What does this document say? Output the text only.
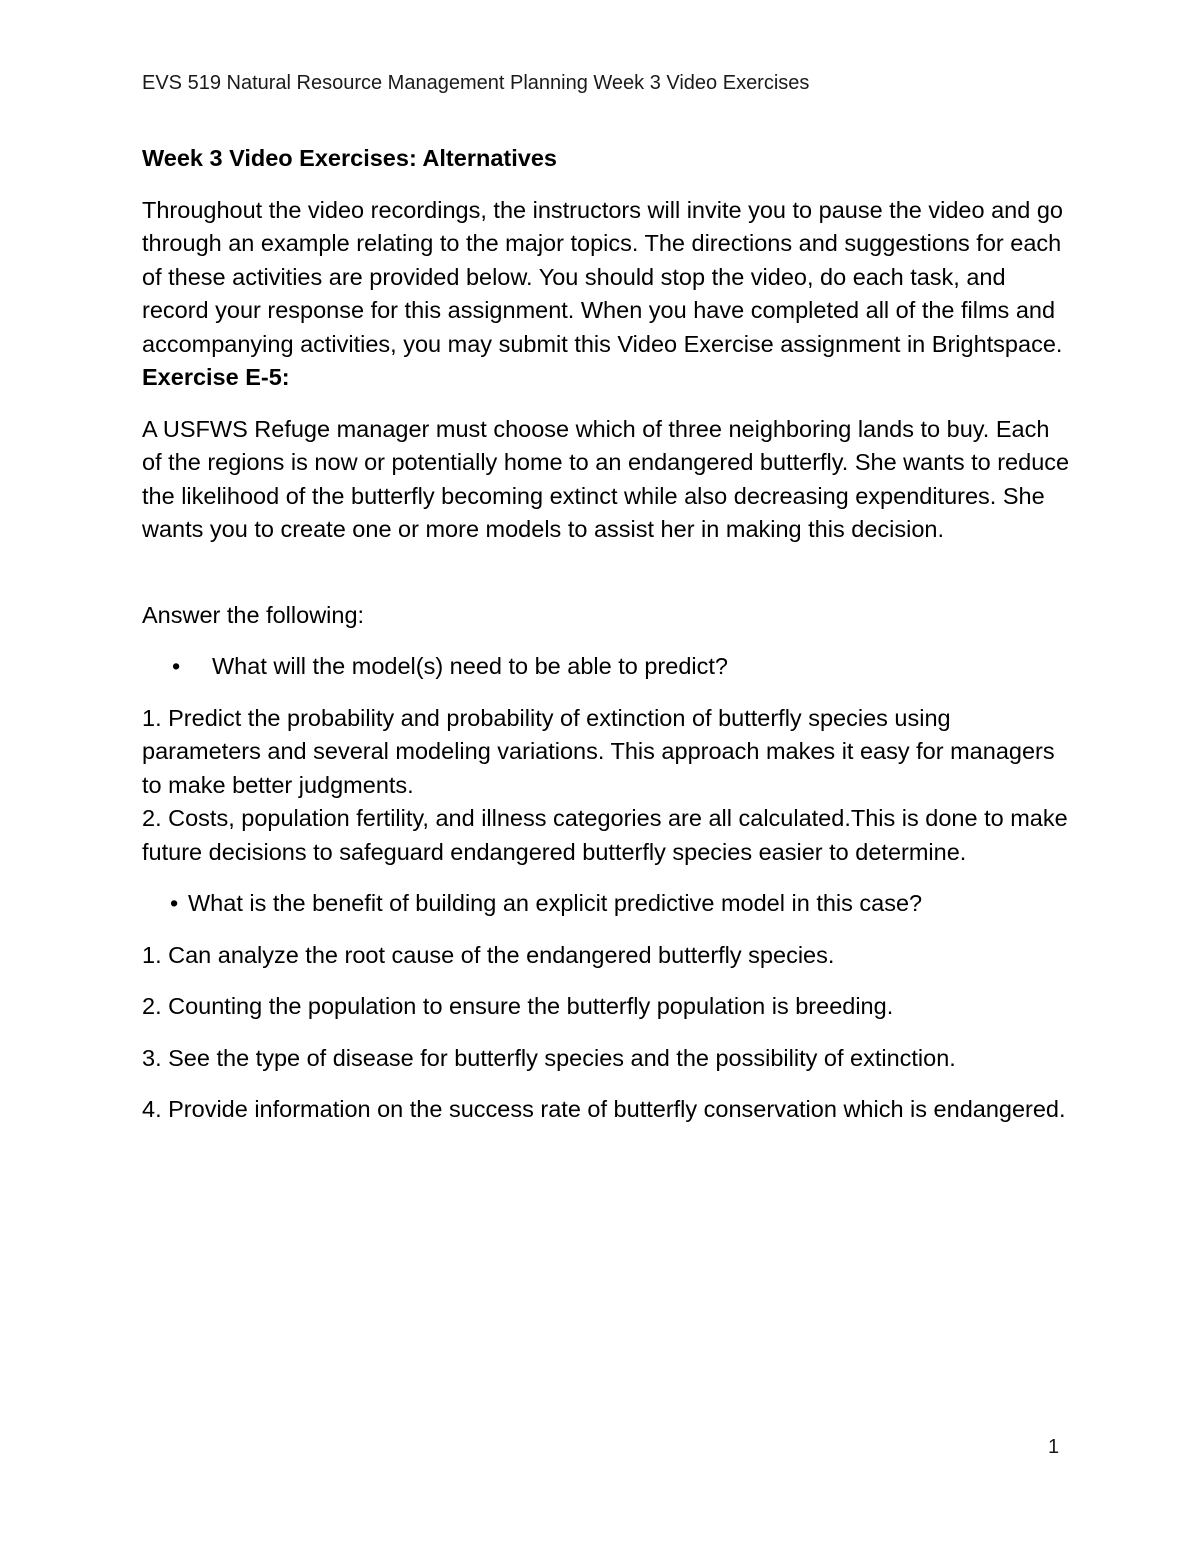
EVS 519 Natural Resource Management Planning Week 3 Video Exercises

Week 3 Video Exercises: Alternatives

Throughout the video recordings, the instructors will invite you to pause the video and go through an example relating to the major topics. The directions and suggestions for each of these activities are provided below. You should stop the video, do each task, and record your response for this assignment. When you have completed all of the films and accompanying activities, you may submit this Video Exercise assignment in Brightspace.

Exercise E-5:

A USFWS Refuge manager must choose which of three neighboring lands to buy. Each of the regions is now or potentially home to an endangered butterfly. She wants to reduce the likelihood of the butterfly becoming extinct while also decreasing expenditures. She wants you to create one or more models to assist her in making this decision.

Answer the following:

•	What will the model(s) need to be able to predict?

1. Predict the probability and probability of extinction of butterfly species using parameters and several modeling variations. This approach makes it easy for managers to make better judgments.

2. Costs, population fertility, and illness categories are all calculated.This is done to make future decisions to safeguard endangered butterfly species easier to determine.

• What is the benefit of building an explicit predictive model in this case?

1. Can analyze the root cause of the endangered butterfly species.

2. Counting the population to ensure the butterfly population is breeding.

3. See the type of disease for butterfly species and the possibility of extinction.

4. Provide information on the success rate of butterfly conservation which is endangered.

1
